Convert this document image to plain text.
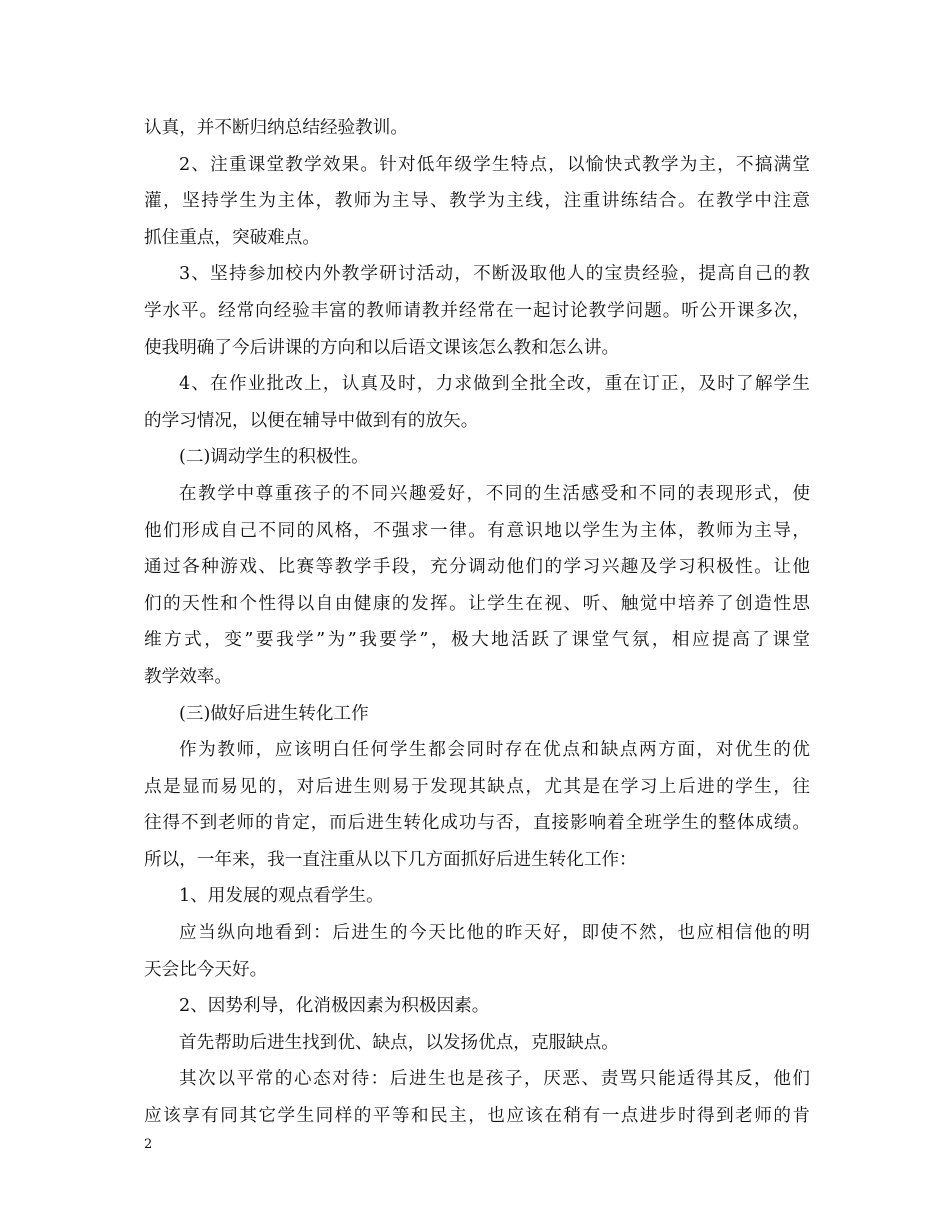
认真，并不断归纳总结经验教训。
2、注重课堂教学效果。针对低年级学生特点，以愉快式教学为主，不搞满堂
灌，坚持学生为主体，教师为主导、教学为主线，注重讲练结合。在教学中注意
抓住重点，突破难点。
3、坚持参加校内外教学研讨活动，不断汲取他人的宝贵经验，提高自己的教
学水平。经常向经验丰富的教师请教并经常在一起讨论教学问题。听公开课多次，
使我明确了今后讲课的方向和以后语文课该怎么教和怎么讲。
4、在作业批改上，认真及时，力求做到全批全改，重在订正，及时了解学生
的学习情况，以便在辅导中做到有的放矢。
(二)调动学生的积极性。
在教学中尊重孩子的不同兴趣爱好，不同的生活感受和不同的表现形式，使
他们形成自己不同的风格，不强求一律。有意识地以学生为主体，教师为主导，
通过各种游戏、比赛等教学手段，充分调动他们的学习兴趣及学习积极性。让他
们的天性和个性得以自由健康的发挥。让学生在视、听、触觉中培养了创造性思
维方式，变”要我学”为”我要学”，极大地活跃了课堂气氛，相应提高了课堂
教学效率。
(三)做好后进生转化工作
作为教师，应该明白任何学生都会同时存在优点和缺点两方面，对优生的优
点是显而易见的，对后进生则易于发现其缺点，尤其是在学习上后进的学生，往
往得不到老师的肯定，而后进生转化成功与否，直接影响着全班学生的整体成绩。
所以，一年来，我一直注重从以下几方面抓好后进生转化工作：
1、用发展的观点看学生。
应当纵向地看到：后进生的今天比他的昨天好，即使不然，也应相信他的明
天会比今天好。
2、因势利导，化消极因素为积极因素。
首先帮助后进生找到优、缺点，以发扬优点，克服缺点。
其次以平常的心态对待：后进生也是孩子，厌恶、责骂只能适得其反，他们
应该享有同其它学生同样的平等和民主，也应该在稍有一点进步时得到老师的肯
2
